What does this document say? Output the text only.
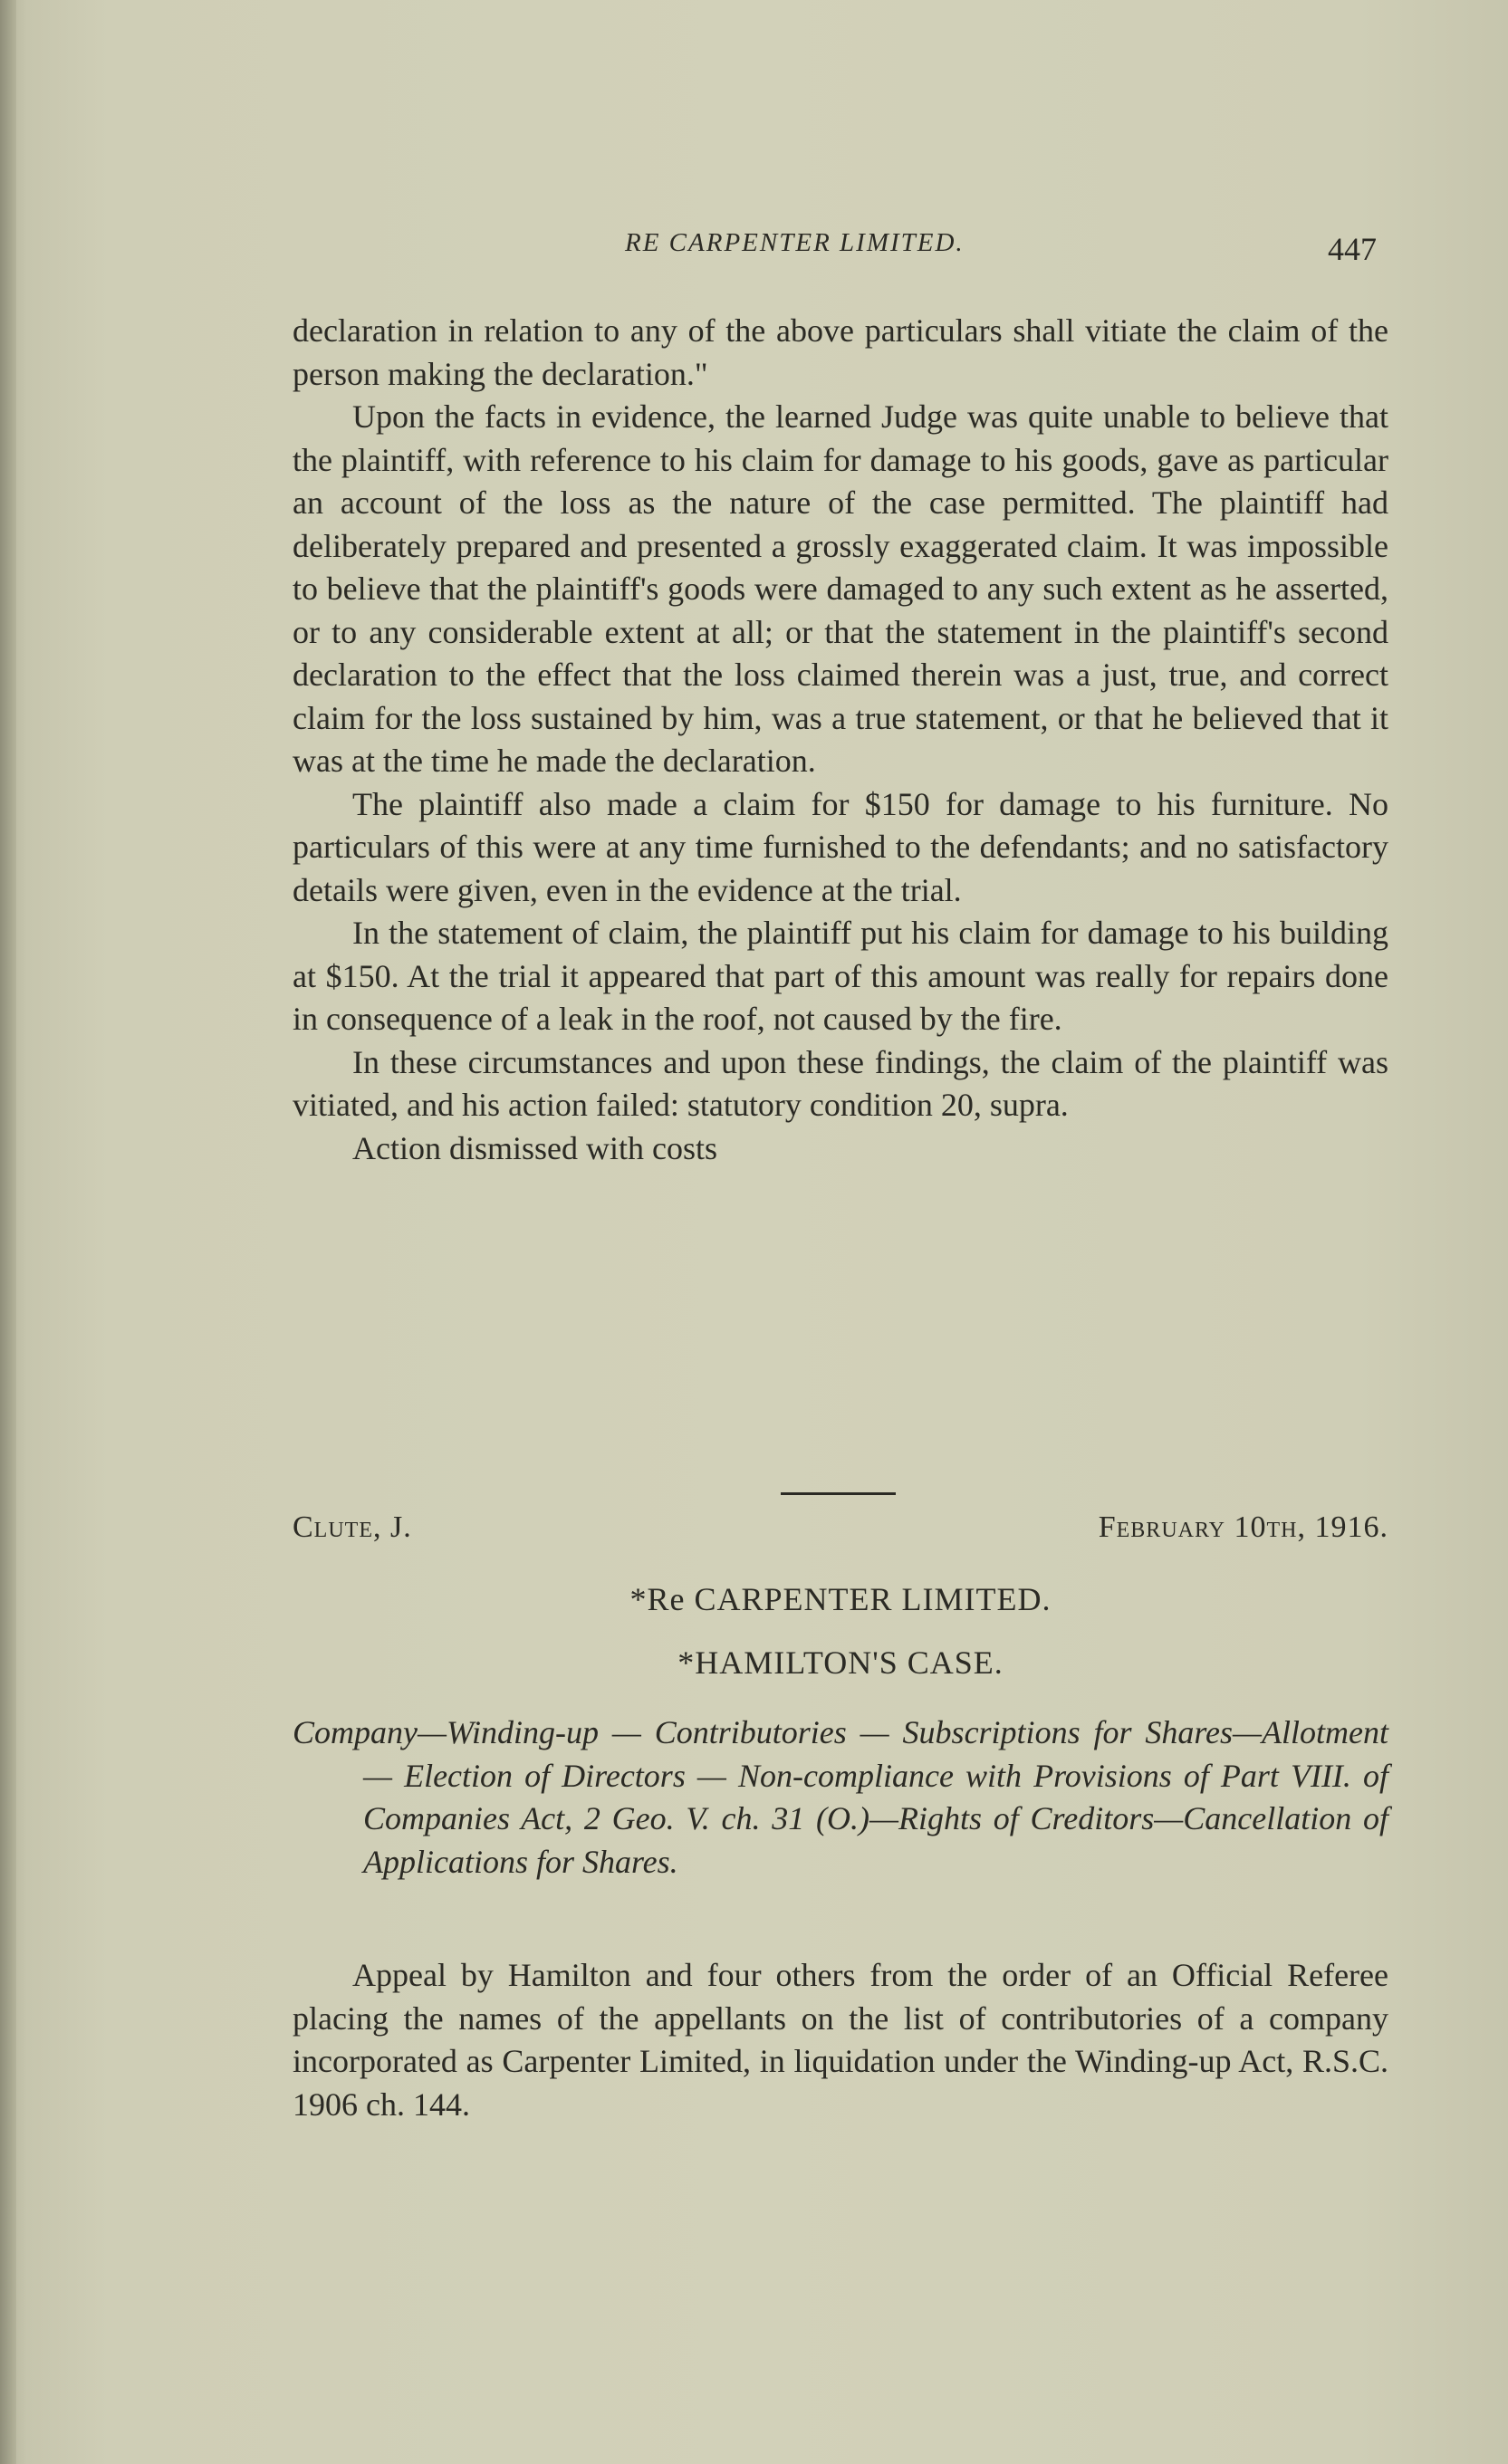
RE CARPENTER LIMITED.	447

declaration in relation to any of the above particulars shall vitiate the claim of the person making the declaration."

Upon the facts in evidence, the learned Judge was quite unable to believe that the plaintiff, with reference to his claim for damage to his goods, gave as particular an account of the loss as the nature of the case permitted. The plaintiff had deliberately prepared and presented a grossly exaggerated claim. It was impossible to believe that the plaintiff's goods were damaged to any such extent as he asserted, or to any considerable extent at all; or that the statement in the plaintiff's second declaration to the effect that the loss claimed therein was a just, true, and correct claim for the loss sustained by him, was a true statement, or that he believed that it was at the time he made the declaration.

The plaintiff also made a claim for $150 for damage to his furniture. No particulars of this were at any time furnished to the defendants; and no satisfactory details were given, even in the evidence at the trial.

In the statement of claim, the plaintiff put his claim for damage to his building at $150. At the trial it appeared that part of this amount was really for repairs done in consequence of a leak in the roof, not caused by the fire.

In these circumstances and upon these findings, the claim of the plaintiff was vitiated, and his action failed: statutory condition 20, supra.

Action dismissed with costs

Clute, J.	February 10th, 1916.
*Re CARPENTER LIMITED.
*HAMILTON'S CASE.
Company—Winding-up — Contributories — Subscriptions for Shares—Allotment — Election of Directors — Non-compliance with Provisions of Part VIII. of Companies Act, 2 Geo. V. ch. 31 (O.)—Rights of Creditors—Cancellation of Applications for Shares.

Appeal by Hamilton and four others from the order of an Official Referee placing the names of the appellants on the list of contributories of a company incorporated as Carpenter Limited, in liquidation under the Winding-up Act, R.S.C. 1906 ch. 144.
